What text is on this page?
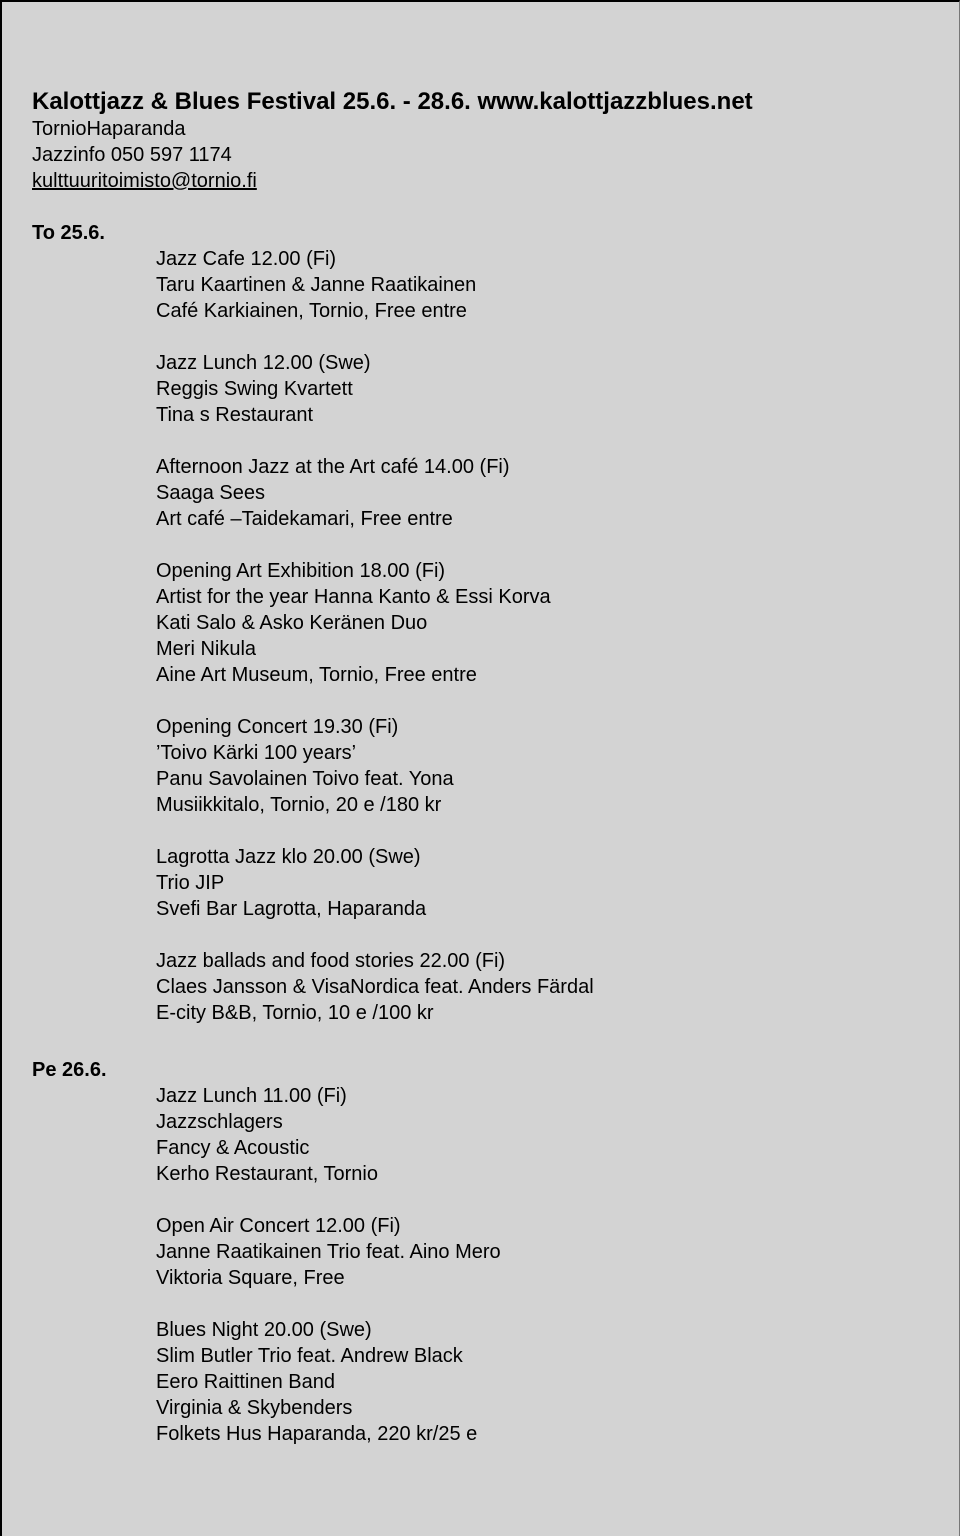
Kalottjazz & Blues Festival 25.6. - 28.6. www.kalottjazzblues.net
TornioHaparanda
Jazzinfo 050 597 1174
kulttuuritoimisto@tornio.fi
To 25.6.
Jazz Cafe 12.00 (Fi)
Taru Kaartinen & Janne Raatikainen
Café Karkiainen, Tornio, Free entre
Jazz Lunch 12.00 (Swe)
Reggis Swing Kvartett
Tina s Restaurant
Afternoon Jazz at the Art café 14.00 (Fi)
Saaga Sees
Art café –Taidekamari, Free entre
Opening Art Exhibition 18.00 (Fi)
Artist for the year Hanna Kanto & Essi Korva
Kati Salo & Asko Keränen Duo
Meri Nikula
Aine Art Museum, Tornio, Free entre
Opening Concert 19.30 (Fi)
’Toivo Kärki 100 years’
Panu Savolainen Toivo feat. Yona
Musiikkitalo, Tornio, 20 e /180 kr
Lagrotta Jazz klo 20.00 (Swe)
Trio JIP
Svefi Bar Lagrotta, Haparanda
Jazz ballads and food stories 22.00 (Fi)
Claes Jansson & VisaNordica feat. Anders Färdal
E-city B&B, Tornio, 10 e /100 kr
Pe 26.6.
Jazz Lunch 11.00 (Fi)
Jazzschlagers
Fancy & Acoustic
Kerho Restaurant, Tornio
Open Air Concert 12.00 (Fi)
Janne Raatikainen Trio feat. Aino Mero
Viktoria Square, Free
Blues Night 20.00 (Swe)
Slim Butler Trio feat. Andrew Black
Eero Raittinen Band
Virginia & Skybenders
Folkets Hus Haparanda, 220 kr/25 e
